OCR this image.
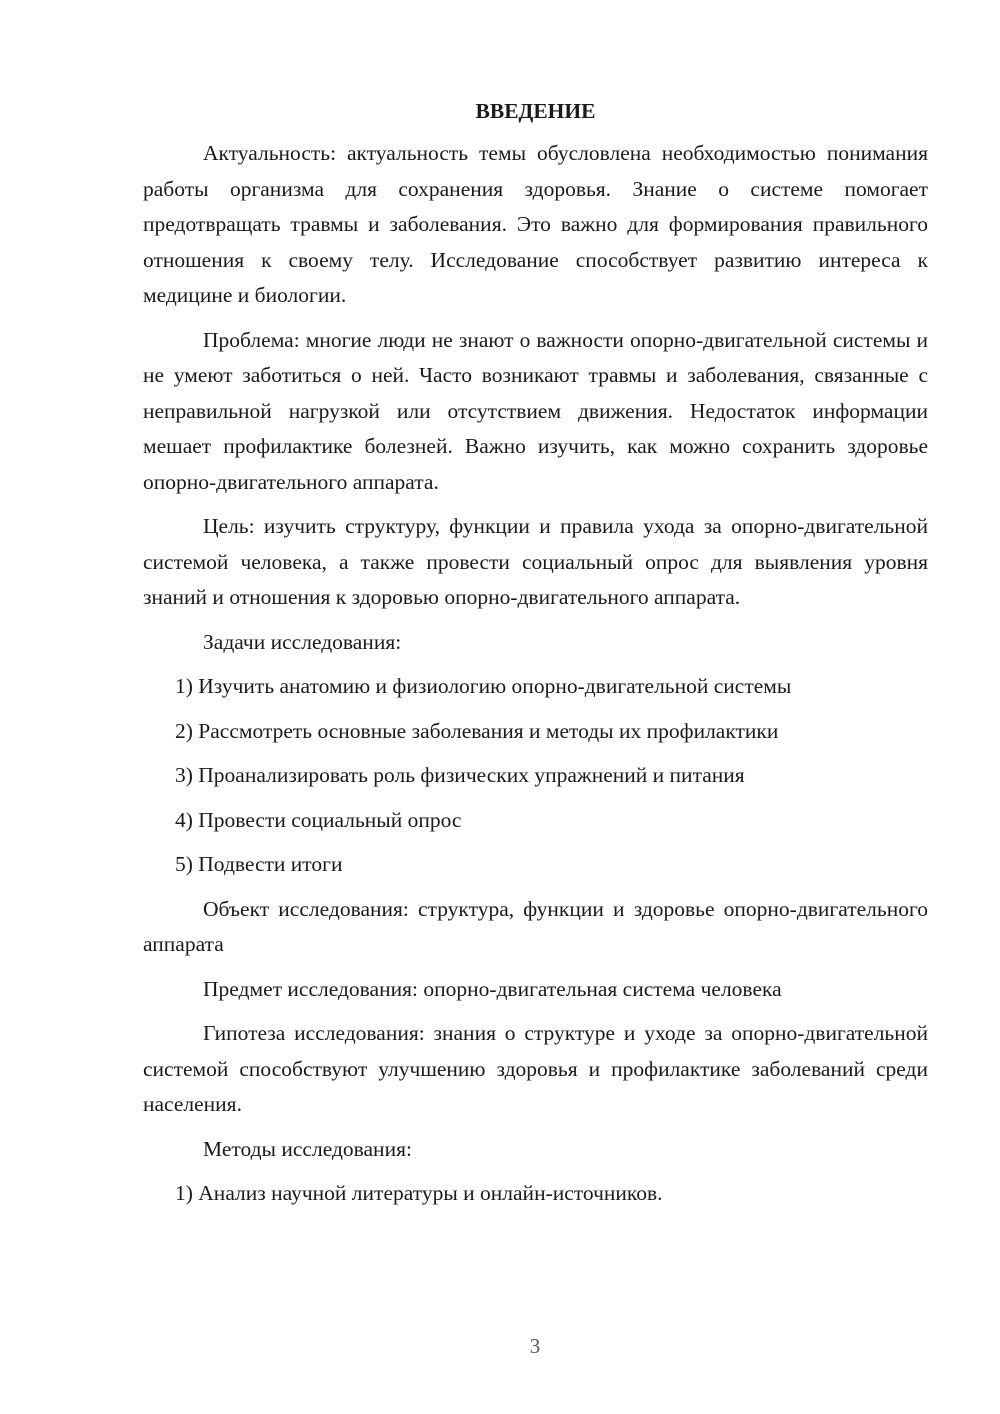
ВВЕДЕНИЕ

Актуальность: актуальность темы обусловлена необходимостью понимания работы организма для сохранения здоровья. Знание о системе помогает предотвращать травмы и заболевания. Это важно для формирования правильного отношения к своему телу. Исследование способствует развитию интереса к медицине и биологии.

Проблема: многие люди не знают о важности опорно-двигательной системы и не умеют заботиться о ней. Часто возникают травмы и заболевания, связанные с неправильной нагрузкой или отсутствием движения. Недостаток информации мешает профилактике болезней. Важно изучить, как можно сохранить здоровье опорно-двигательного аппарата.

Цель: изучить структуру, функции и правила ухода за опорно-двигательной системой человека, а также провести социальный опрос для выявления уровня знаний и отношения к здоровью опорно-двигательного аппарата.

Задачи исследования:
1) Изучить анатомию и физиологию опорно-двигательной системы
2) Рассмотреть основные заболевания и методы их профилактики
3) Проанализировать роль физических упражнений и питания
4) Провести социальный опрос
5) Подвести итоги

Объект исследования: структура, функции и здоровье опорно-двигательного аппарата

Предмет исследования: опорно-двигательная система человека

Гипотеза исследования: знания о структуре и уходе за опорно-двигательной системой способствуют улучшению здоровья и профилактике заболеваний среди населения.

Методы исследования:
1) Анализ научной литературы и онлайн-источников.
3
